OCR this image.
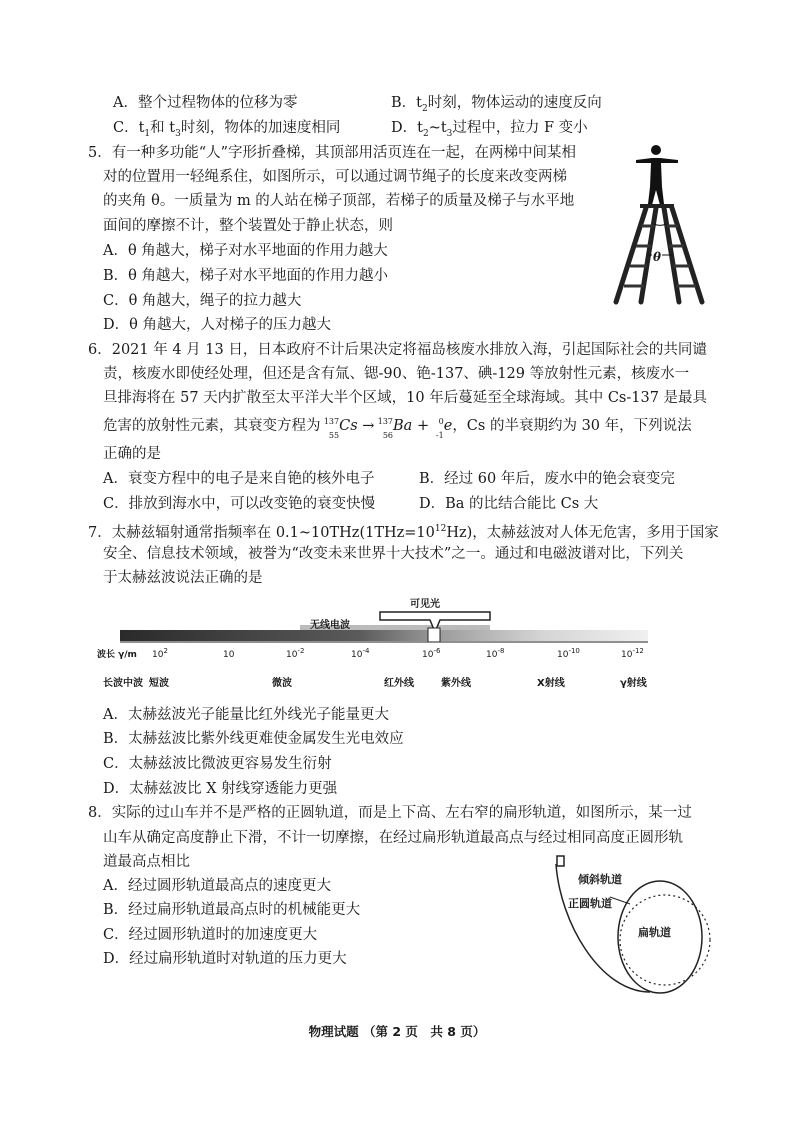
A．整个过程物体的位移为零	B．$t_2$时刻，物体运动的速度反向
C．$t_1$和 $t_3$时刻，物体的加速度相同	D．$t_2\sim t_3$过程中，拉力 F 变小
5．有一种多功能“人”字形折叠梯，其顶部用活页连在一起，在两梯中间某相
对的位置用一轻绳系住，如图所示，可以通过调节绳子的长度来改变两梯
的夹角 θ。一质量为 m 的人站在梯子顶部，若梯子的质量及梯子与水平地
面间的摩擦不计，整个装置处于静止状态，则
A．θ 角越大，梯子对水平地面的作用力越大
B．θ 角越大，梯子对水平地面的作用力越小
C．θ 角越大，绳子的拉力越大
D．θ 角越大，人对梯子的压力越大
θ
6．2021 年 4 月 13 日，日本政府不计后果决定将福岛核废水排放入海，引起国际社会的共同谴
责，核废水即使经处理，但还是含有氚、锶-90、铯-137、碘-129 等放射性元素，核废水一
旦排海将在 57 天内扩散至太平洋大半个区域，10 年后蔓延至全球海域。其中 Cs-137 是最具
危害的放射性元素，其衰变方程为 137
55
Cs → 137
56
Ba + 0
-1
e，Cs 的半衰期约为 30 年，下列说法
正确的是
A．衰变方程中的电子是来自铯的核外电子	B．经过 60 年后，废水中的铯会衰变完
C．排放到海水中，可以改变铯的衰变快慢	D．Ba 的比结合能比 Cs 大
7．太赫兹辐射通常指频率在 $0.1\sim 10THz(1THz=10^{12}Hz)$，太赫兹波对人体无危害，多用于国家
安全、信息技术领域，被誉为“改变未来世界十大技术”之一。通过和电磁波谱对比，下列关
于太赫兹波说法正确的是
可见光
无线电波
波长 γ/m $10^2$	10	$10^{-2}$	$10^{-4}$	$10^{-6}$	$10^{-8}$	$10^{-10}$	$10^{-12}$
长波 中波 短波	微波	红外线	紫外线	X射线	γ射线
A．太赫兹波光子能量比红外线光子能量更大
B．太赫兹波比紫外线更难使金属发生光电效应
C．太赫兹波比微波更容易发生衍射
D．太赫兹波比 X 射线穿透能力更强
8．实际的过山车并不是严格的正圆轨道，而是上下高、左右窄的扁形轨道，如图所示，某一过
山车从确定高度静止下滑，不计一切摩擦，在经过扁形轨道最高点与经过相同高度正圆形轨
道最高点相比
A．经过圆形轨道最高点的速度更大
B．经过扁形轨道最高点时的机械能更大
C．经过圆形轨道时的加速度更大
D．经过扁形轨道时对轨道的压力更大
倾斜轨道
正圆轨道
扁轨道
物理试题 （第 2 页　共 8 页）
